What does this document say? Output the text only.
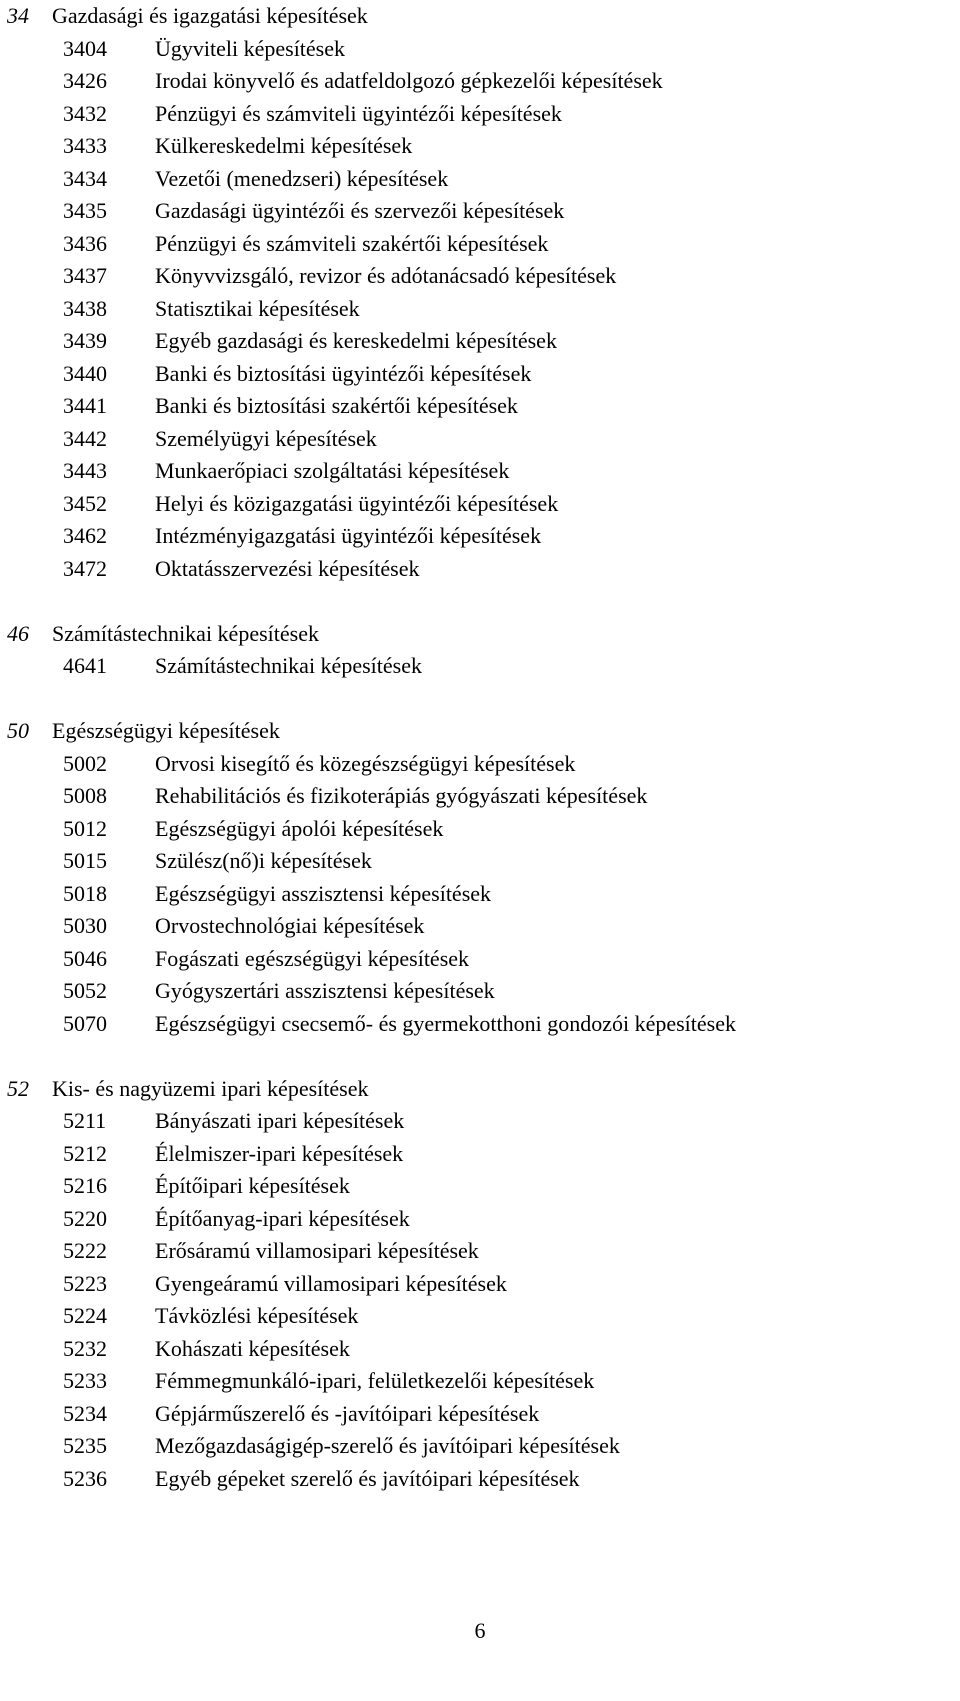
34	Gazdasági és igazgatási képesítések
3404	Ügyviteli képesítések
3426	Irodai könyvelő és adatfeldolgozó gépkezelői képesítések
3432	Pénzügyi és számviteli ügyintézői képesítések
3433	Külkereskedelmi képesítések
3434	Vezetői (menedzseri) képesítések
3435	Gazdasági ügyintézői és szervezői képesítések
3436	Pénzügyi és számviteli szakértői képesítések
3437	Könyvvizsgáló, revizor és adótanácsadó képesítések
3438	Statisztikai képesítések
3439	Egyéb gazdasági és kereskedelmi képesítések
3440	Banki és biztosítási ügyintézői képesítések
3441	Banki és biztosítási szakértői képesítések
3442	Személyügyi képesítések
3443	Munkaerőpiaci szolgáltatási képesítések
3452	Helyi és közigazgatási ügyintézői képesítések
3462	Intézményigazgatási ügyintézői képesítések
3472	Oktatásszervezési képesítések
46	Számítástechnikai képesítések
4641	Számítástechnikai képesítések
50	Egészségügyi képesítések
5002	Orvosi kisegítő és közegészségügyi képesítések
5008	Rehabilitációs és fizikoterápiás gyógyászati képesítések
5012	Egészségügyi ápolói képesítések
5015	Szülész(nő)i képesítések
5018	Egészségügyi asszisztensi képesítések
5030	Orvostechnológiai képesítések
5046	Fogászati egészségügyi képesítések
5052	Gyógyszertári asszisztensi képesítések
5070	Egészségügyi csecsemő- és gyermekotthoni gondozói képesítések
52	Kis- és nagyüzemi ipari képesítések
5211	Bányászati ipari képesítések
5212	Élelmiszer-ipari képesítések
5216	Építőipari képesítések
5220	Építőanyag-ipari képesítések
5222	Erősáramú villamosipari képesítések
5223	Gyengeáramú villamosipari képesítések
5224	Távközlési képesítések
5232	Kohászati képesítések
5233	Fémmegmunkáló-ipari, felületkezelői képesítések
5234	Gépjárműszerelő és -javítóipari képesítések
5235	Mezőgazdaságigép-szerelő és javítóipari képesítések
5236	Egyéb gépeket szerelő és javítóipari képesítések
6
